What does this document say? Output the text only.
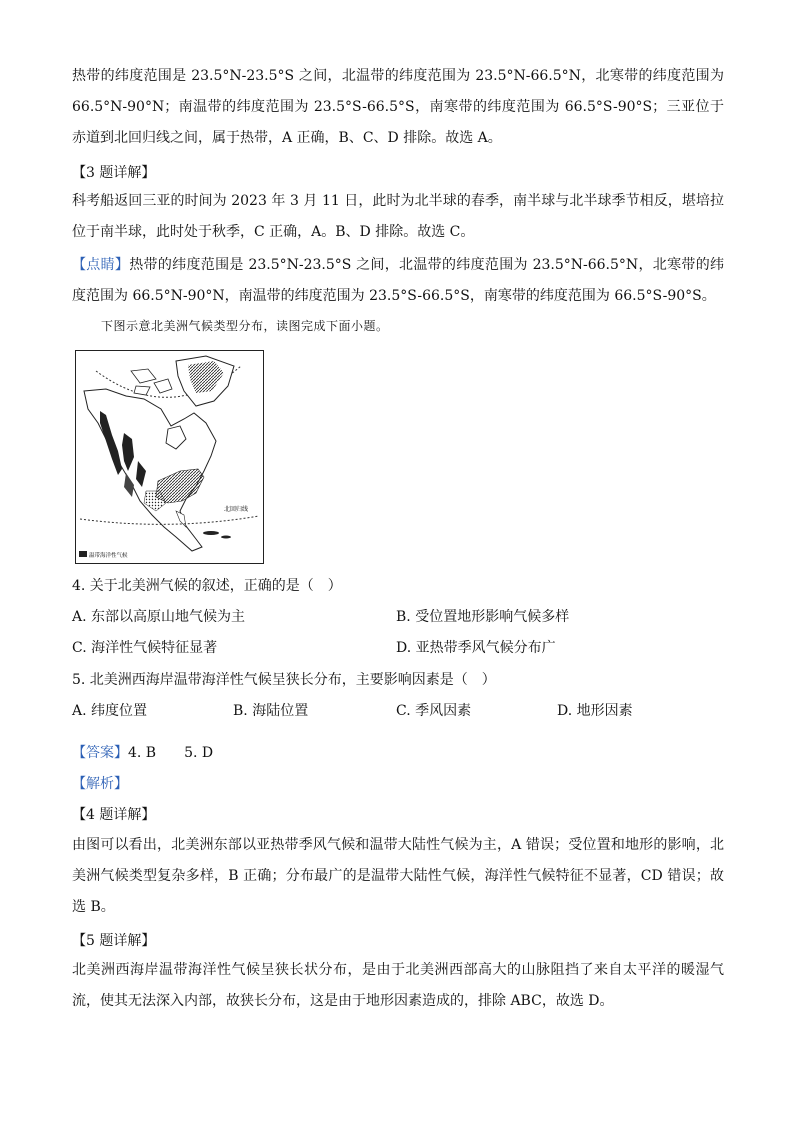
热带的纬度范围是 23.5°N-23.5°S 之间，北温带的纬度范围为 23.5°N-66.5°N，北寒带的纬度范围为 66.5°N-90°N；南温带的纬度范围为 23.5°S-66.5°S，南寒带的纬度范围为 66.5°S-90°S；三亚位于赤道到北回归线之间，属于热带，A 正确，B、C、D 排除。故选 A。

【3 题详解】

科考船返回三亚的时间为 2023 年 3 月 11 日，此时为北半球的春季，南半球与北半球季节相反，堪培拉位于南半球，此时处于秋季，C 正确，A。B、D 排除。故选 C。

【点睛】热带的纬度范围是 23.5°N-23.5°S 之间，北温带的纬度范围为 23.5°N-66.5°N，北寒带的纬度范围为 66.5°N-90°N，南温带的纬度范围为 23.5°S-66.5°S，南寒带的纬度范围为 66.5°S-90°S。

下图示意北美洲气候类型分布，读图完成下面小题。
北回归线
温带海洋性气候
4. 关于北美洲气候的叙述，正确的是（　）
A. 东部以高原山地气候为主	B. 受位置地形影响气候多样
C. 海洋性气候特征显著	D. 亚热带季风气候分布广
5. 北美洲西海岸温带海洋性气候呈狭长分布，主要影响因素是（　）
A. 纬度位置	B. 海陆位置	C. 季风因素	D. 地形因素
【答案】4. B　　5. D
【解析】
【4 题详解】

由图可以看出，北美洲东部以亚热带季风气候和温带大陆性气候为主，A 错误；受位置和地形的影响，北美洲气候类型复杂多样，B 正确；分布最广的是温带大陆性气候，海洋性气候特征不显著，CD 错误；故选 B。

【5 题详解】

北美洲西海岸温带海洋性气候呈狭长状分布，是由于北美洲西部高大的山脉阻挡了来自太平洋的暖湿气流，使其无法深入内部，故狭长分布，这是由于地形因素造成的，排除 ABC，故选 D。
